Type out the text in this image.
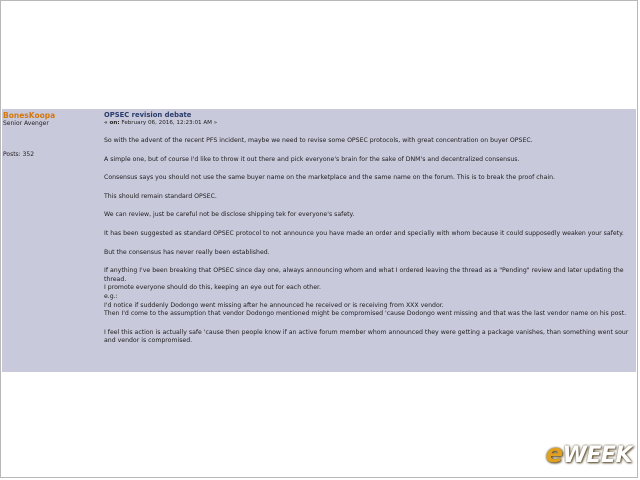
BonesKoopa
Senior Avenger
Posts: 352
OPSEC revision debate
« on: February 06, 2016, 12:23:01 AM »

So with the advent of the recent PFS incident, maybe we need to revise some OPSEC protocols, with great concentration on buyer OPSEC.

A simple one, but of course I'd like to throw it out there and pick everyone's brain for the sake of DNM's and decentralized consensus.

Consensus says you should not use the same buyer name on the marketplace and the same name on the forum. This is to break the proof chain.

This should remain standard OPSEC.

We can review, just be careful not be disclose shipping tek for everyone's safety.

It has been suggested as standard OPSEC protocol to not announce you have made an order and specially with whom because it could supposedly weaken your safety.

But the consensus has never really been established.

If anything I've been breaking that OPSEC since day one, always announcing whom and what I ordered leaving the thread as a "Pending" review and later updating the thread.

I promote everyone should do this, keeping an eye out for each other.

e.g.:

I'd notice if suddenly Dodongo went missing after he announced he received or is receiving from XXX vendor.

Then I'd come to the assumption that vendor Dodongo mentioned might be compromised 'cause Dodongo went missing and that was the last vendor name on his post.

I feel this action is actually safe 'cause then people know if an active forum member whom announced they were getting a package vanishes, than something went sour and vendor is compromised.

eWEEK
